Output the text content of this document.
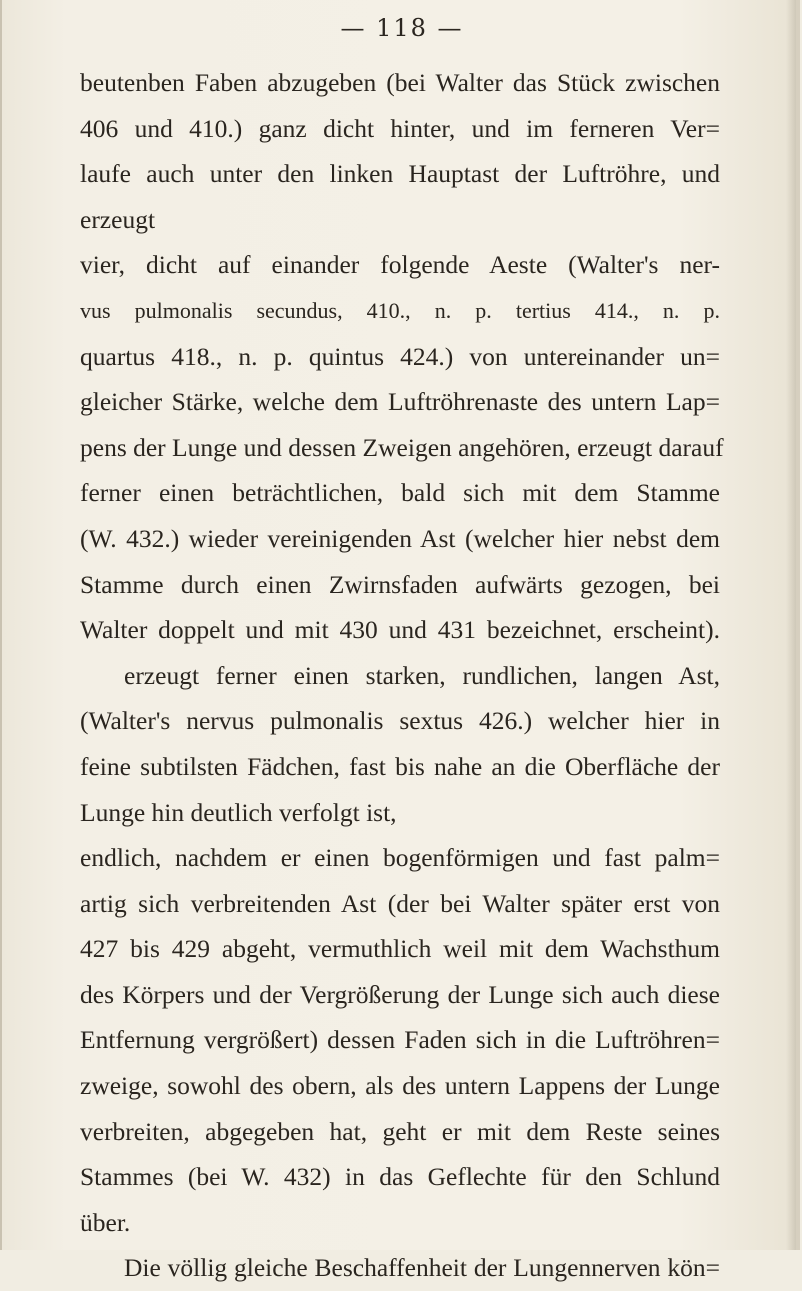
— 118 —
beutenben Faben abzugeben (bei Walter das Stück zwischen
406 und 410.) ganz dicht hinter, und im ferneren Ver=
laufe auch unter den linken Hauptast der Luftröhre, und
erzeugt
vier, dicht auf einander folgende Aeste (Walter's ner-
vus pulmonalis secundus, 410., n. p. tertius 414., n. p.
quartus 418., n. p. quintus 424.) von untereinander un=
gleicher Stärke, welche dem Luftröhrenaste des untern Lap=
pens der Lunge und dessen Zweigen angehören, erzeugt darauf
ferner einen beträchtlichen, bald sich mit dem Stamme
(W. 432.) wieder vereinigenden Ast (welcher hier nebst dem
Stamme durch einen Zwirnsfaden aufwärts gezogen, bei
Walter doppelt und mit 430 und 431 bezeichnet, erscheint).
erzeugt ferner einen starken, rundlichen, langen Ast,
(Walter's nervus pulmonalis sextus 426.) welcher hier in
feine subtilsten Fädchen, fast bis nahe an die Oberfläche der
Lunge hin deutlich verfolgt ist,
endlich, nachdem er einen bogenförmigen und fast palm=
artig sich verbreitenden Ast (der bei Walter später erst von
427 bis 429 abgeht, vermuthlich weil mit dem Wachsthum
des Körpers und der Vergrößerung der Lunge sich auch diese
Entfernung vergrößert) dessen Faden sich in die Luftröhren=
zweige, sowohl des obern, als des untern Lappens der Lunge
verbreiten, abgegeben hat, geht er mit dem Reste seines
Stammes (bei W. 432) in das Geflechte für den Schlund
über.
Die völlig gleiche Beschaffenheit der Lungennerven kön=
